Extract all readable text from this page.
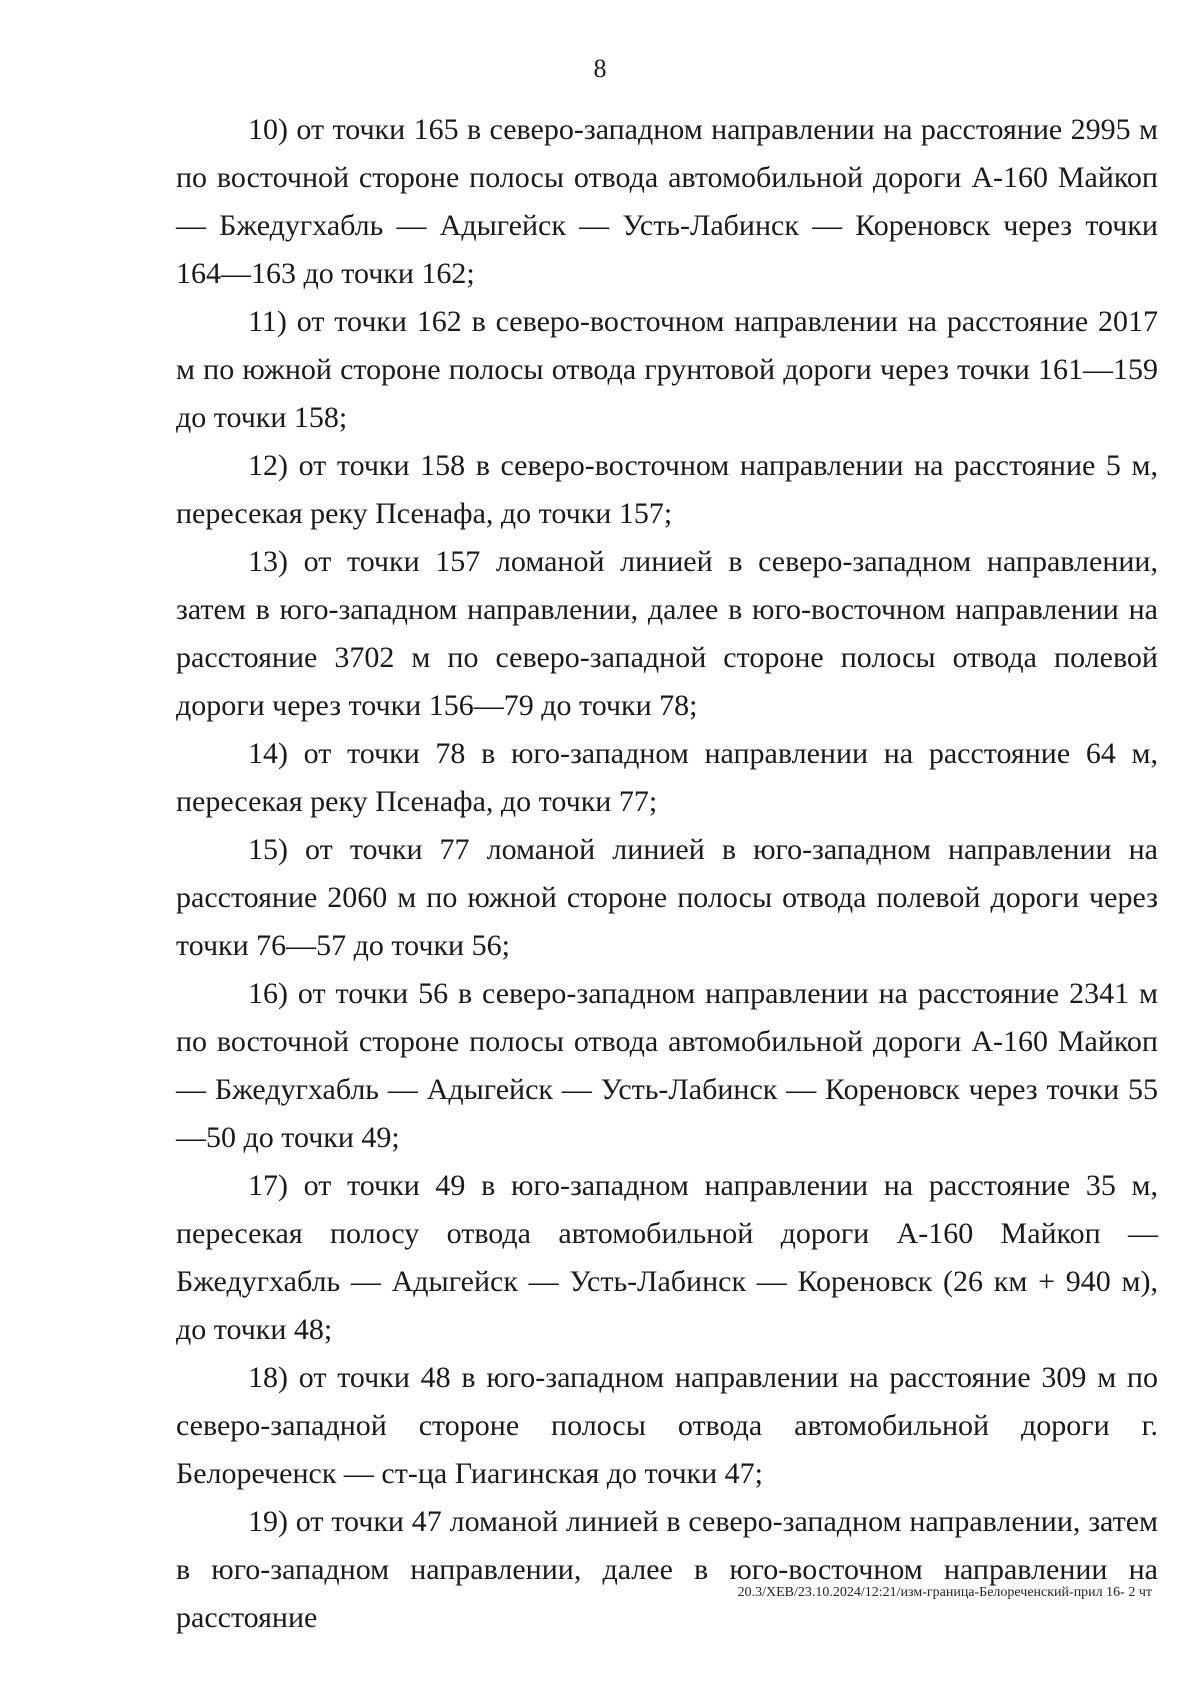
8

10) от точки 165 в северо-западном направлении на расстояние 2995 м по восточной стороне полосы отвода автомобильной дороги А-160 Майкоп — Бжедугхабль — Адыгейск — Усть-Лабинск — Кореновск через точки 164—163 до точки 162;

11) от точки 162 в северо-восточном направлении на расстояние 2017 м по южной стороне полосы отвода грунтовой дороги через точки 161—159 до точки 158;

12) от точки 158 в северо-восточном направлении на расстояние 5 м, пересекая реку Псенафа, до точки 157;

13) от точки 157 ломаной линией в северо-западном направлении, затем в юго-западном направлении, далее в юго-восточном направлении на расстояние 3702 м по северо-западной стороне полосы отвода полевой дороги через точки 156—79 до точки 78;

14) от точки 78 в юго-западном направлении на расстояние 64 м, пересекая реку Псенафа, до точки 77;

15) от точки 77 ломаной линией в юго-западном направлении на расстояние 2060 м по южной стороне полосы отвода полевой дороги через точки 76—57 до точки 56;

16) от точки 56 в северо-западном направлении на расстояние 2341 м по восточной стороне полосы отвода автомобильной дороги А-160 Майкоп — Бжедугхабль — Адыгейск — Усть-Лабинск — Кореновск через точки 55—50 до точки 49;

17) от точки 49 в юго-западном направлении на расстояние 35 м, пересекая полосу отвода автомобильной дороги А-160 Майкоп — Бжедугхабль — Адыгейск — Усть-Лабинск — Кореновск (26 км + 940 м), до точки 48;

18) от точки 48 в юго-западном направлении на расстояние 309 м по северо-западной стороне полосы отвода автомобильной дороги г. Белореченск — ст-ца Гиагинская до точки 47;

19) от точки 47 ломаной линией в северо-западном направлении, затем в юго-западном направлении, далее в юго-восточном направлении на расстояние

20.3/ХЕВ/23.10.2024/12:21/изм-граница-Белореченский-прил 16- 2 чт
